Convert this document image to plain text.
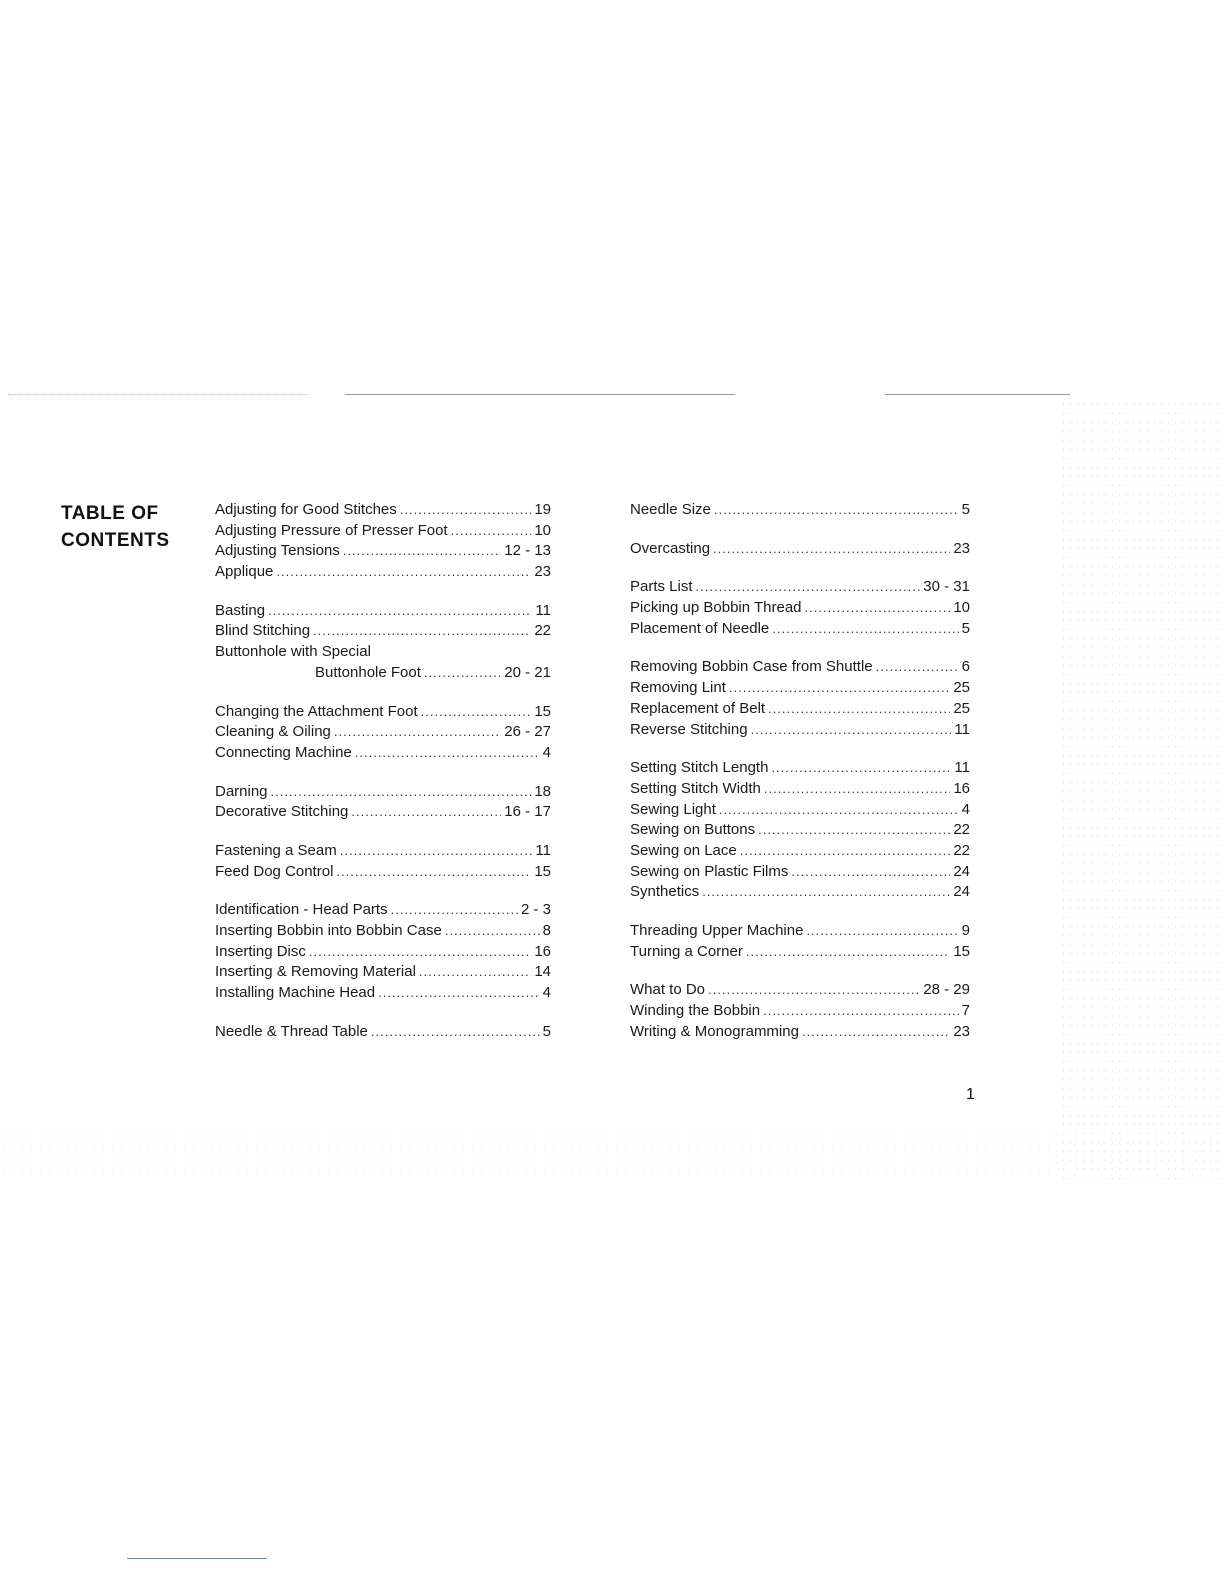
TABLE OF
CONTENTS
Adjusting for Good Stitches .....	19
Adjusting Pressure of Presser Foot .....	10
Adjusting Tensions .....	12 - 13
Applique .....	23
Basting .....	11
Blind Stitching .....	22
Buttonhole with Special
Buttonhole Foot .....	20 - 21
Changing the Attachment Foot .....	15
Cleaning & Oiling .....	26 - 27
Connecting Machine .....	4
Darning .....	18
Decorative Stitching .....	16 - 17
Fastening a Seam .....	11
Feed Dog Control .....	15
Identification - Head Parts .....	2 - 3
Inserting Bobbin into Bobbin Case .....	8
Inserting Disc .....	16
Inserting & Removing Material .....	14
Installing Machine Head .....	4
Needle & Thread Table .....	5
Needle Size .....	5
Overcasting .....	23
Parts List .....	30 - 31
Picking up Bobbin Thread .....	10
Placement of Needle .....	5
Removing Bobbin Case from Shuttle .....	6
Removing Lint .....	25
Replacement of Belt .....	25
Reverse Stitching .....	11
Setting Stitch Length .....	11
Setting Stitch Width .....	16
Sewing Light .....	4
Sewing on Buttons .....	22
Sewing on Lace .....	22
Sewing on Plastic Films .....	24
Synthetics .....	24
Threading Upper Machine .....	9
Turning a Corner .....	15
What to Do .....	28 - 29
Winding the Bobbin .....	7
Writing & Monogramming .....	23
1
